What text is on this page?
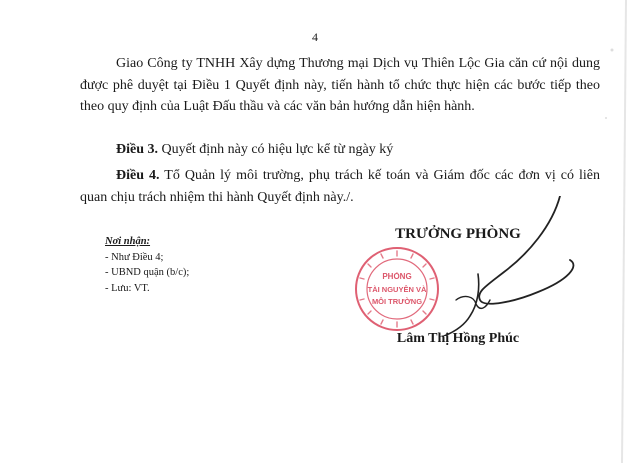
4

Giao Công ty TNHH Xây dựng Thương mại Dịch vụ Thiên Lộc Gia căn cứ nội dung được phê duyệt tại Điều 1 Quyết định này, tiến hành tổ chức thực hiện các bước tiếp theo theo quy định của Luật Đấu thầu và các văn bản hướng dẫn hiện hành.

Điều 3. Quyết định này có hiệu lực kể từ ngày ký

Điều 4. Tổ Quản lý môi trường, phụ trách kế toán và Giám đốc các đơn vị có liên quan chịu trách nhiệm thi hành Quyết định này./.

Nơi nhận:
- Như Điều 4;
- UBND quận (b/c);
- Lưu: VT.
TRƯỞNG PHÒNG
PHÒNG
TÀI NGUYÊN VÀ
MÔI TRƯỜNG
Lâm Thị Hồng Phúc
